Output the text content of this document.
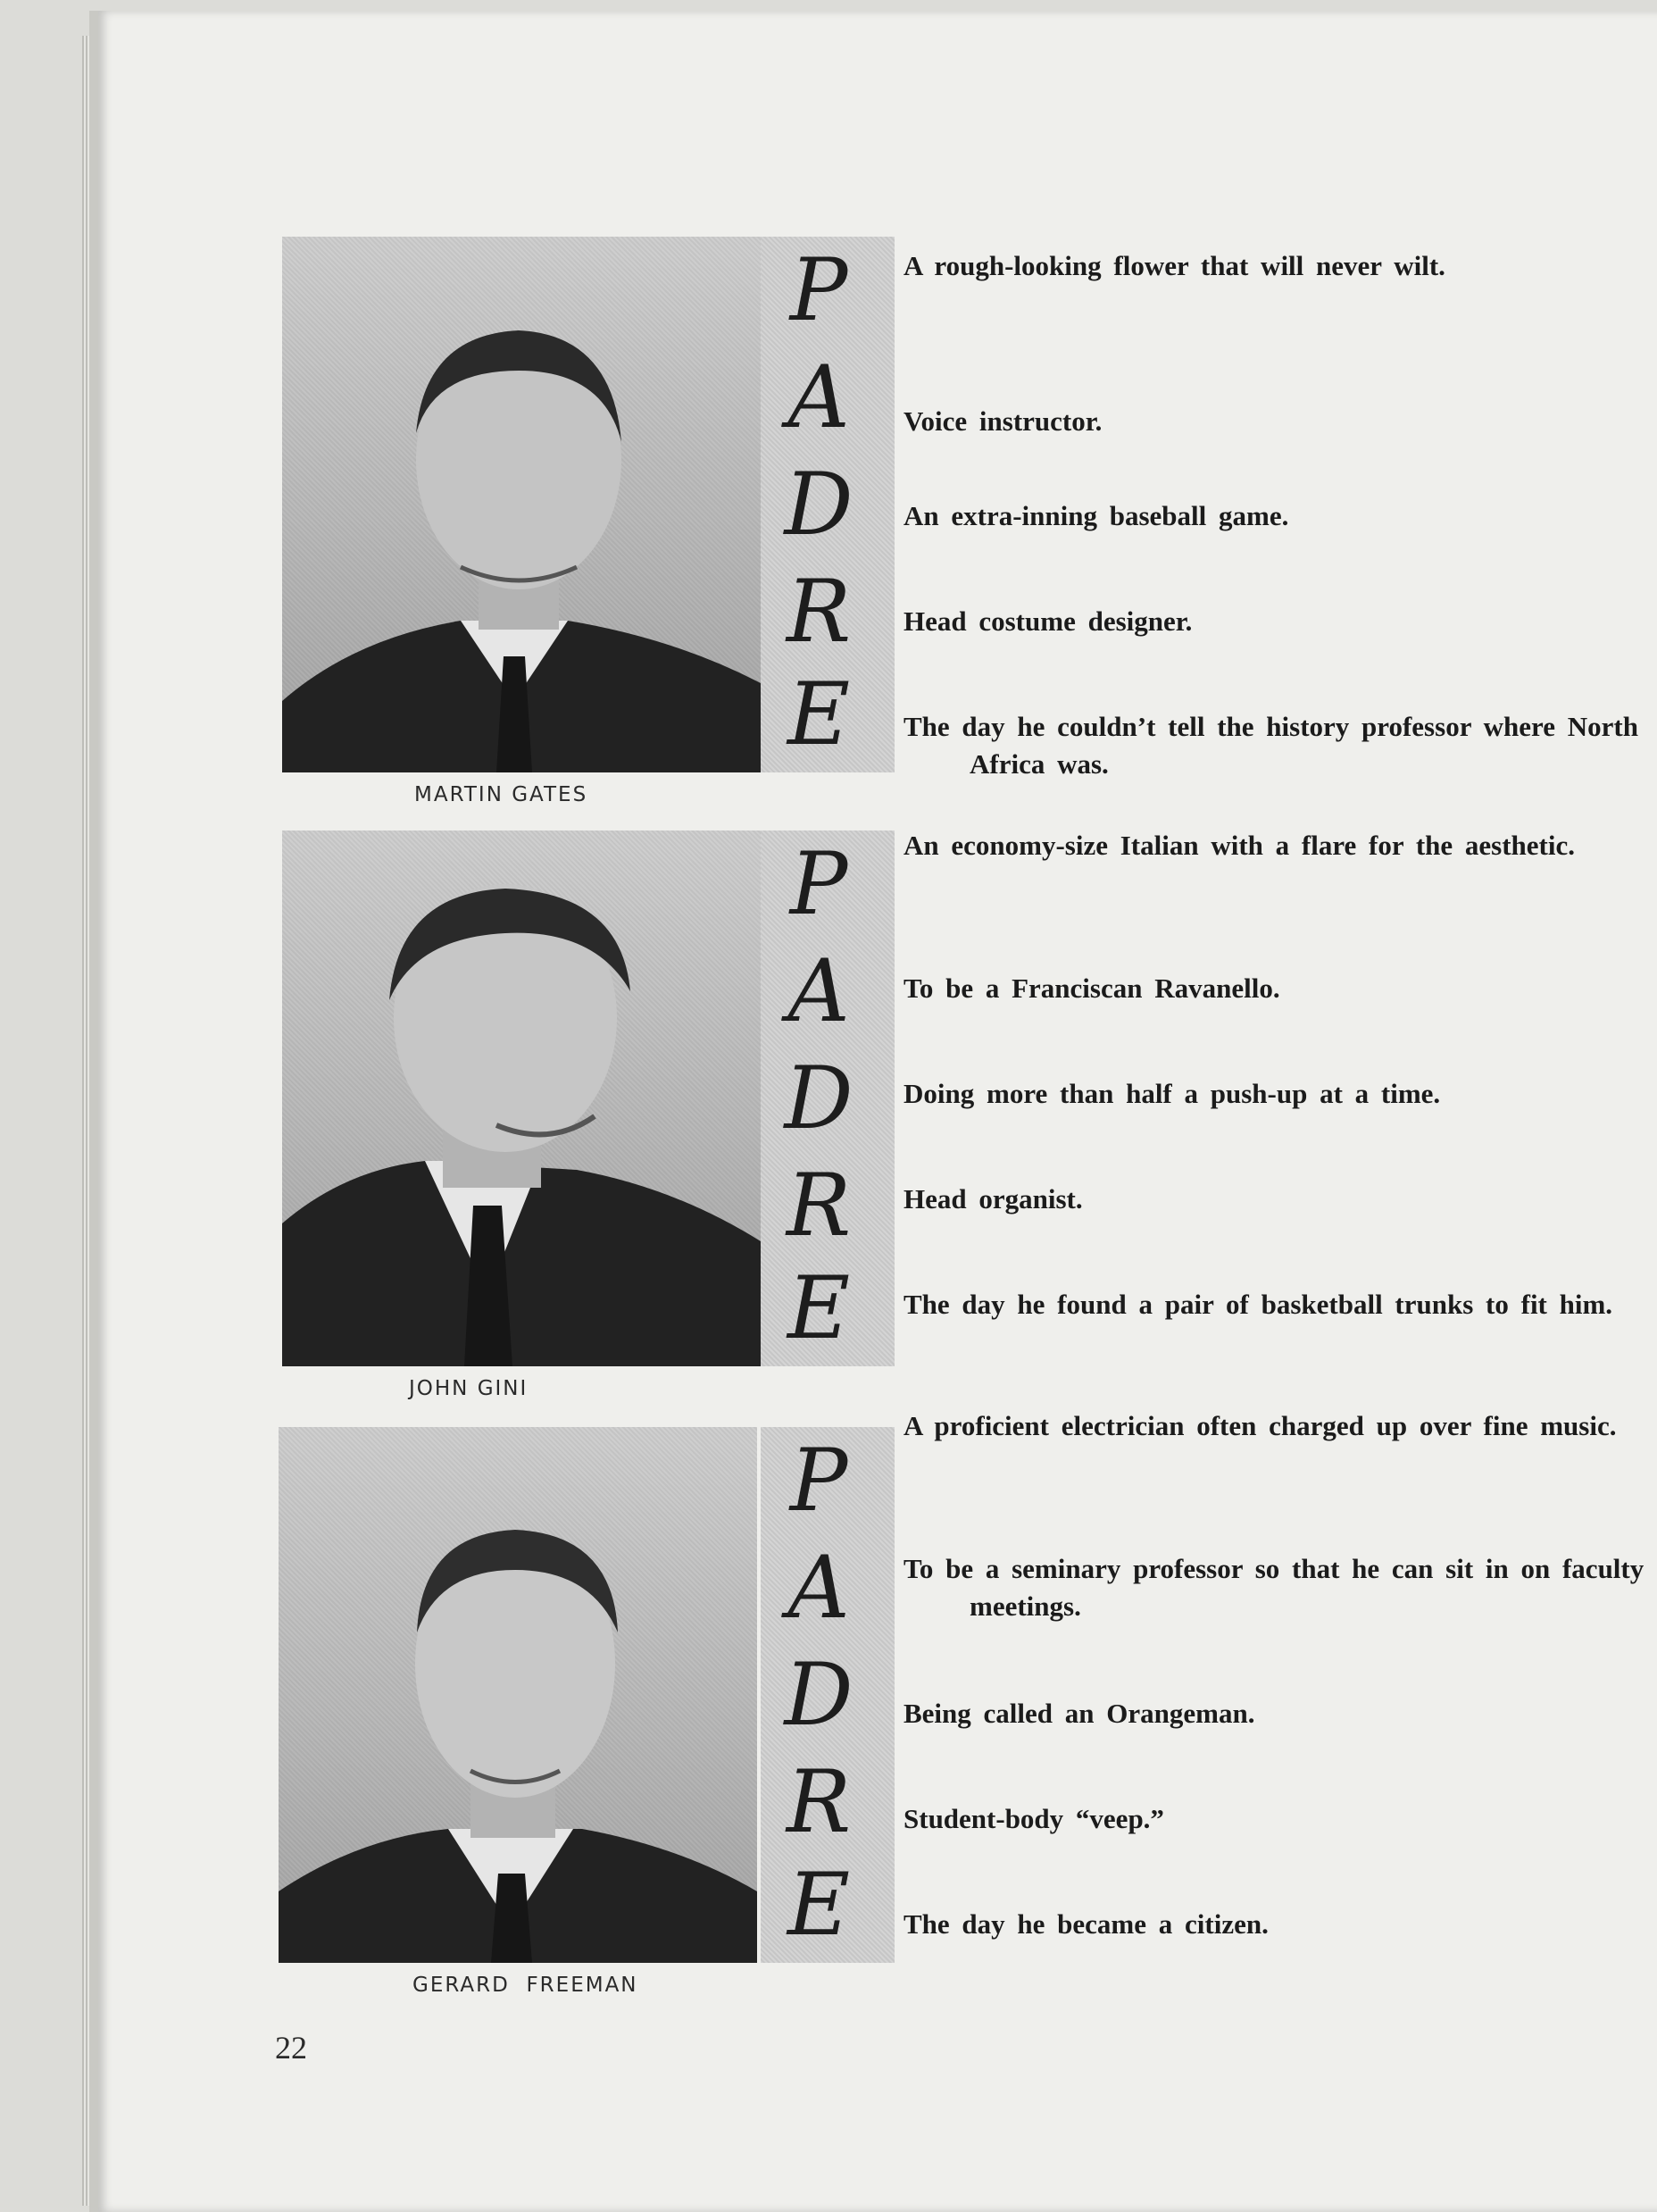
P
A
D
R
E
MARTIN GATES
A rough-looking flower that will never wilt.
Voice instructor.
An extra-inning baseball game.
Head costume designer.
The day he couldn’t tell the history professor where North Africa was.
P
A
D
R
E
JOHN GINI
An economy-size Italian with a flare for the aesthetic.
To be a Franciscan Ravanello.
Doing more than half a push-up at a time.
Head organist.
The day he found a pair of basketball trunks to fit him.
P
A
D
R
E
GERARD  FREEMAN
A proficient electrician often charged up over fine music.
To be a seminary professor so that he can sit in on faculty meetings.
Being called an Orangeman.
Student-body “veep.”
The day he became a citizen.
22
